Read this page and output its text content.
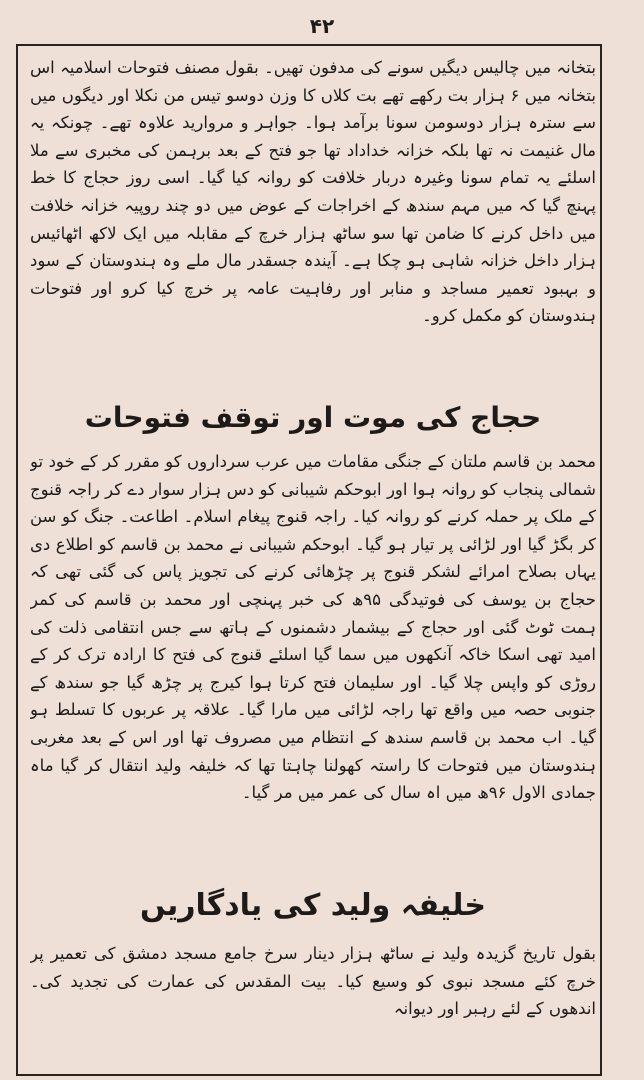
۴۲

بتخانہ میں چالیس دیگیں سونے کی مدفون تھیں۔ بقول مصنف فتوحات اسلامیہ اس بتخانہ میں ۶ ہزار بت رکھے تھے بت کلاں کا وزن دوسو تیس من نکلا اور دیگوں میں سے سترہ ہزار دوسومن سونا برآمد ہوا۔ جواہر و مروارید علاوہ تھے۔ چونکہ یہ مال غنیمت نہ تھا بلکہ خزانہ خداداد تھا جو فتح کے بعد برہمن کی مخبری سے ملا اسلئے یہ تمام سونا وغیرہ دربار خلافت کو روانہ کیا گیا۔ اسی روز حجاج کا خط پہنچ گیا کہ میں مہم سندھ کے اخراجات کے عوض میں دو چند روپیہ خزانہ خلافت میں داخل کرنے کا ضامن تھا سو ساٹھ ہزار خرچ کے مقابلہ میں ایک لاکھ اٹھائیس ہزار داخل خزانہ شاہی ہو چکا ہے۔ آیندہ جسقدر مال ملے وہ ہندوستان کے سود و بہبود تعمیر مساجد و منابر اور رفاہیت عامہ پر خرچ کیا کرو اور فتوحات ہندوستان کو مکمل کرو۔

حجاج کی موت اور توقف فتوحات

محمد بن قاسم ملتان کے جنگی مقامات میں عرب سرداروں کو مقرر کر کے خود تو شمالی پنجاب کو روانہ ہوا اور ابوحکم شیبانی کو دس ہزار سوار دے کر راجہ قنوج کے ملک پر حملہ کرنے کو روانہ کیا۔ راجہ قنوج پیغام اسلام۔ اطاعت۔ جنگ کو سن کر بگڑ گیا اور لڑائی پر تیار ہو گیا۔ ابوحکم شیبانی نے محمد بن قاسم کو اطلاع دی یہاں بصلاح امرائے لشکر قنوج پر چڑھائی کرنے کی تجویز پاس کی گئی تھی کہ حجاج بن یوسف کی فوتیدگی ۹۵ھ کی خبر پہنچی اور محمد بن قاسم کی کمر ہمت ٹوٹ گئی اور حجاج کے بیشمار دشمنوں کے ہاتھ سے جس انتقامی ذلت کی امید تھی اسکا خاکہ آنکھوں میں سما گیا اسلئے قنوج کی فتح کا ارادہ ترک کر کے روڑی کو واپس چلا گیا۔ اور سلیمان فتح کرتا ہوا کیرج پر چڑھ گیا جو سندھ کے جنوبی حصہ میں واقع تھا راجہ لڑائی میں مارا گیا۔ علاقہ پر عربوں کا تسلط ہو گیا۔ اب محمد بن قاسم سندھ کے انتظام میں مصروف تھا اور اس کے بعد مغربی ہندوستان میں فتوحات کا راستہ کھولنا چاہتا تھا کہ خلیفہ ولید انتقال کر گیا ماہ جمادی الاول ۹۶ھ میں اہ سال کی عمر میں مر گیا۔

خلیفہ ولید کی یادگاریں

بقول تاریخ گزیدہ ولید نے ساٹھ ہزار دینار سرخ جامع مسجد دمشق کی تعمیر پر خرچ کئے مسجد نبوی کو وسیع کیا۔ بیت المقدس کی عمارت کی تجدید کی۔ اندھوں کے لئے رہبر اور دیوانہ
